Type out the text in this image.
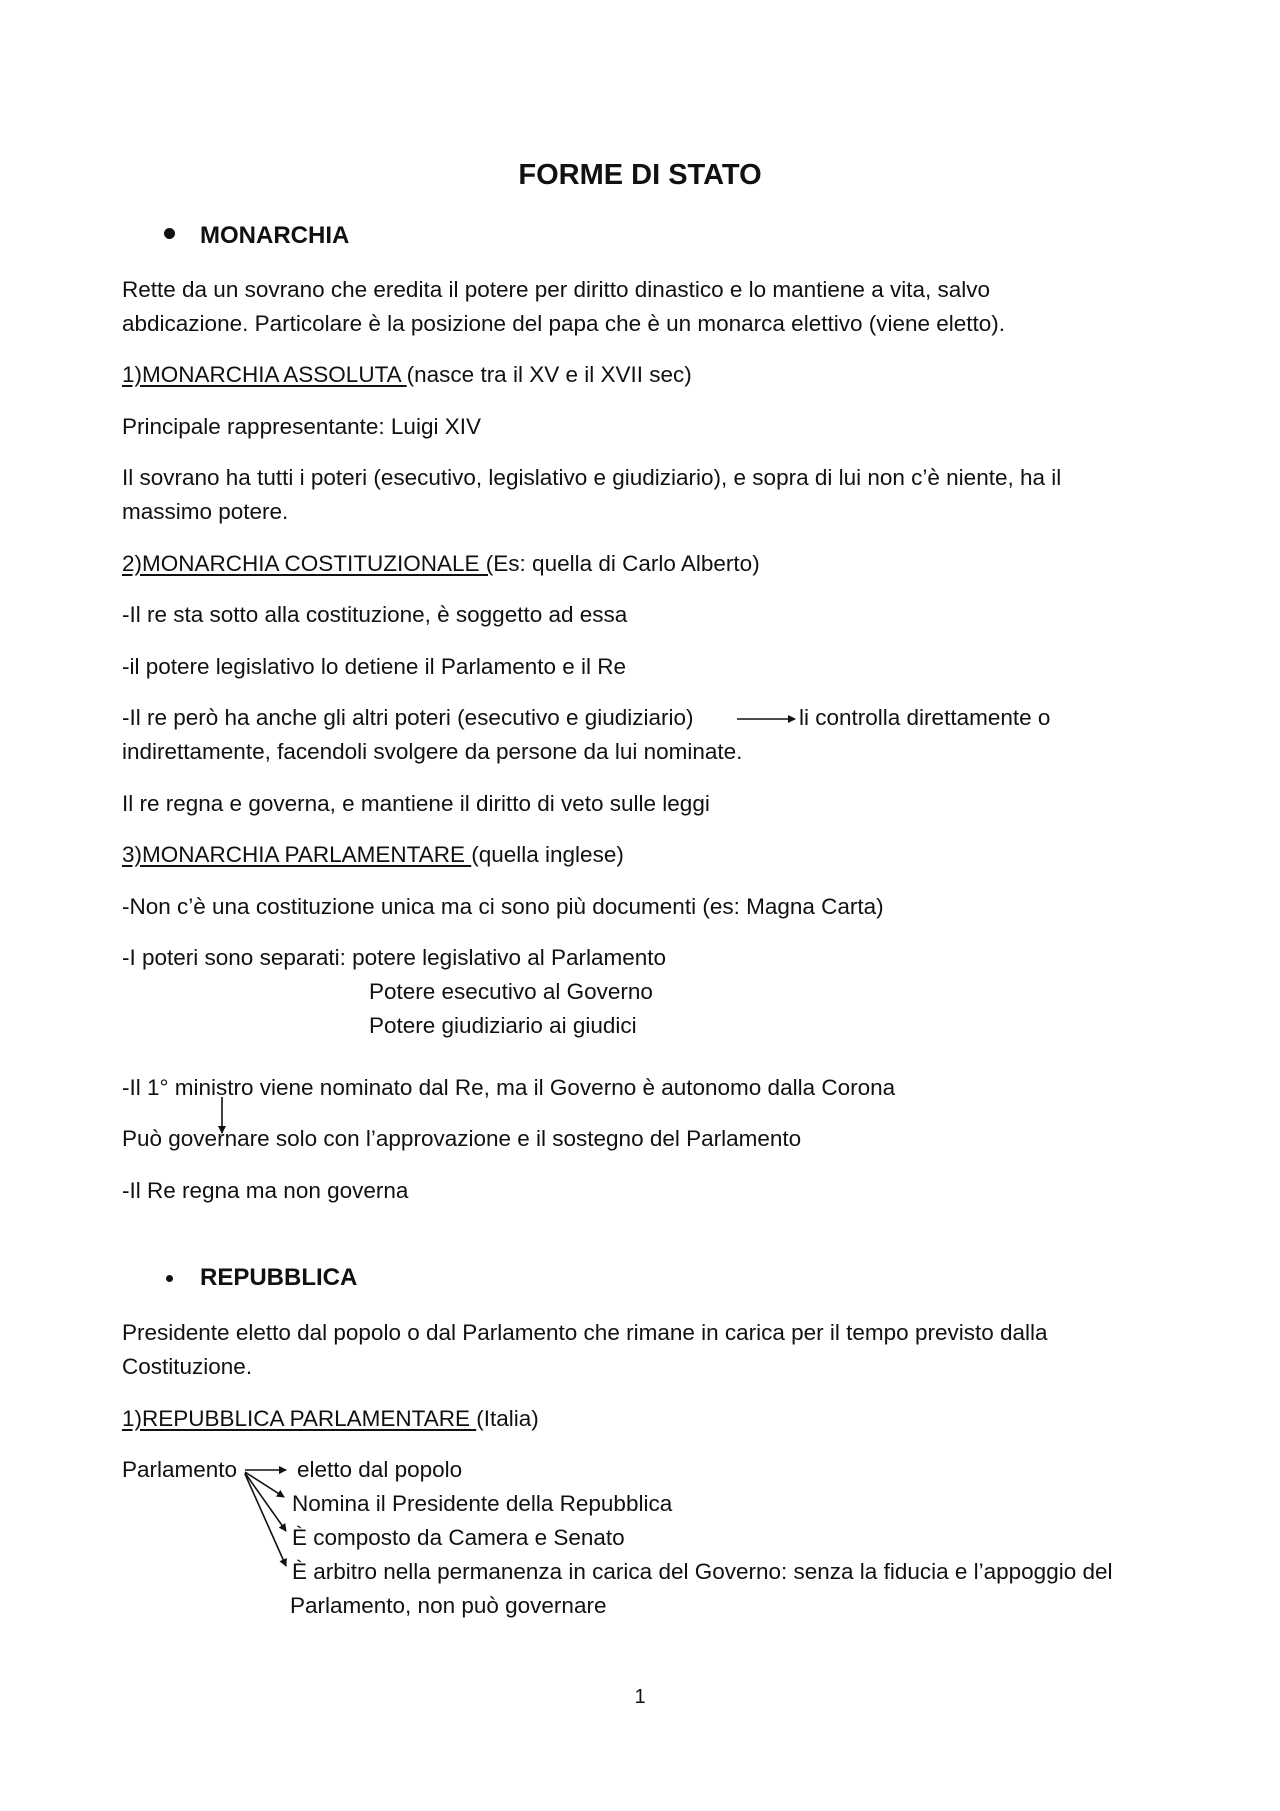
FORME DI STATO
MONARCHIA
Rette da un sovrano che eredita il potere per diritto dinastico e lo mantiene a vita, salvo
abdicazione. Particolare è la posizione del papa che è un monarca elettivo (viene eletto).
1)MONARCHIA ASSOLUTA (nasce tra il XV e il XVII sec)
Principale rappresentante: Luigi XIV
Il sovrano ha tutti i poteri (esecutivo, legislativo e giudiziario), e sopra di lui non c’è niente, ha il
massimo potere.
2)MONARCHIA COSTITUZIONALE (Es: quella di Carlo Alberto)
-Il re sta sotto alla costituzione, è soggetto ad essa
-il potere legislativo lo detiene il Parlamento e il Re
-Il re però ha anche gli altri poteri (esecutivo e giudiziario)	li controlla direttamente o
indirettamente, facendoli svolgere da persone da lui nominate.
Il re regna e governa, e mantiene il diritto di veto sulle leggi
3)MONARCHIA PARLAMENTARE (quella inglese)
-Non c’è una costituzione unica ma ci sono più documenti (es: Magna Carta)
-I poteri sono separati: potere legislativo al Parlamento
Potere esecutivo al Governo
Potere giudiziario ai giudici
-Il 1° ministro viene nominato dal Re, ma il Governo è autonomo dalla Corona
Può governare solo con l’approvazione e il sostegno del Parlamento
-Il Re regna ma non governa
REPUBBLICA
Presidente eletto dal popolo o dal Parlamento che rimane in carica per il tempo previsto dalla
Costituzione.
1)REPUBBLICA PARLAMENTARE (Italia)
Parlamento	eletto dal popolo
Nomina il Presidente della Repubblica
È composto da Camera e Senato
È arbitro nella permanenza in carica del Governo: senza la fiducia e l’appoggio del
Parlamento, non può governare
1
